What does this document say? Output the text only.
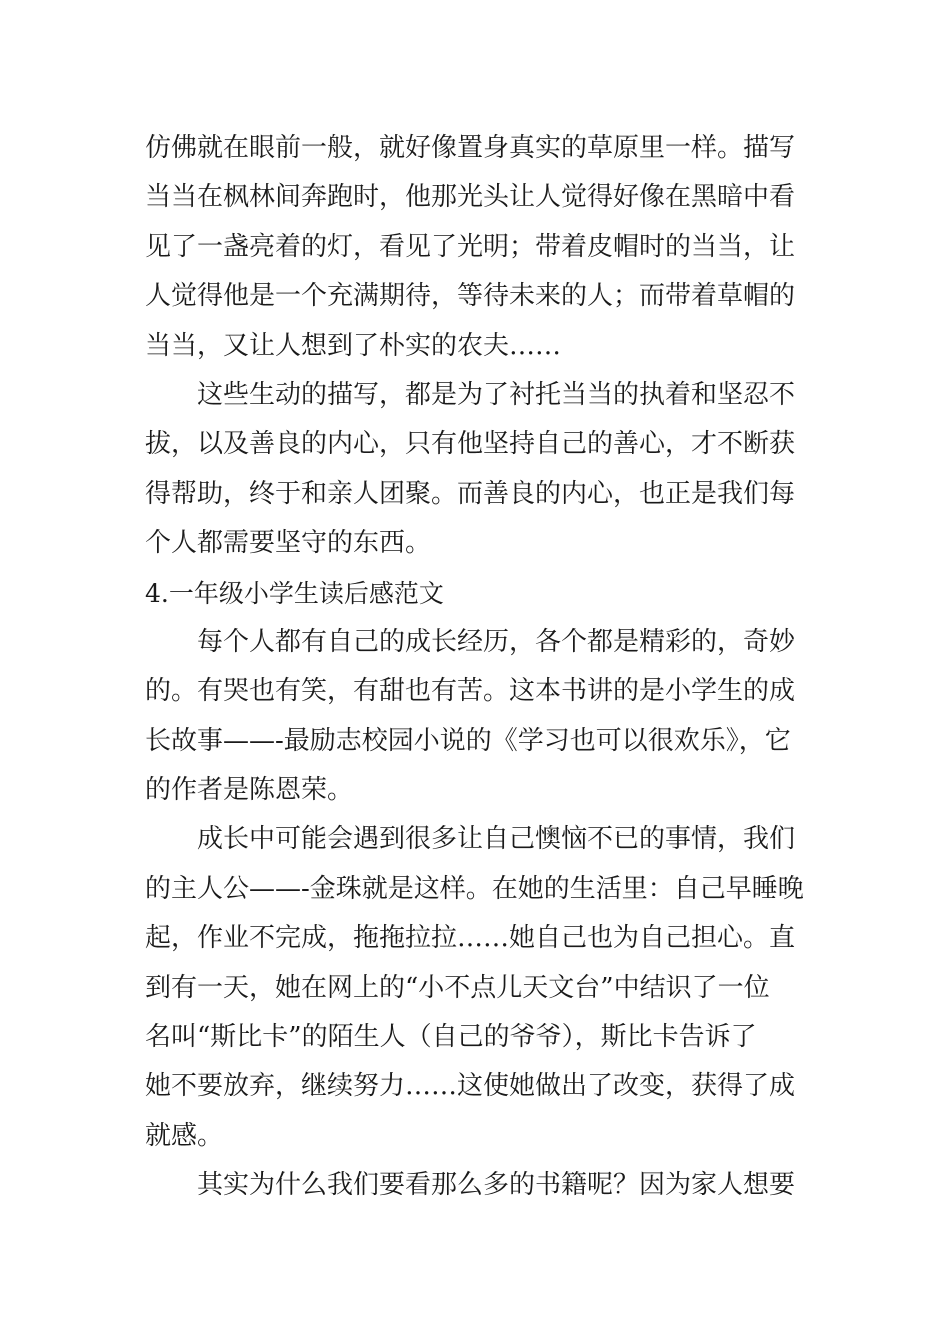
仿佛就在眼前一般，就好像置身真实的草原里一样。描写
当当在枫林间奔跑时，他那光头让人觉得好像在黑暗中看
见了一盏亮着的灯，看见了光明；带着皮帽时的当当，让
人觉得他是一个充满期待，等待未来的人；而带着草帽的
当当，又让人想到了朴实的农夫……
这些生动的描写，都是为了衬托当当的执着和坚忍不
拔，以及善良的内心，只有他坚持自己的善心，才不断获
得帮助，终于和亲人团聚。而善良的内心，也正是我们每
个人都需要坚守的东西。
4.一年级小学生读后感范文
每个人都有自己的成长经历，各个都是精彩的，奇妙
的。有哭也有笑，有甜也有苦。这本书讲的是小学生的成
长故事——-最励志校园小说的《学习也可以很欢乐》，它
的作者是陈恩荣。
成长中可能会遇到很多让自己懊恼不已的事情，我们
的主人公——-金珠就是这样。在她的生活里：自己早睡晚
起，作业不完成，拖拖拉拉……她自己也为自己担心。直
到有一天，她在网上的“小不点儿天文台”中结识了一位
名叫“斯比卡”的陌生人（自己的爷爷），斯比卡告诉了
她不要放弃，继续努力……这使她做出了改变，获得了成
就感。
其实为什么我们要看那么多的书籍呢？因为家人想要
